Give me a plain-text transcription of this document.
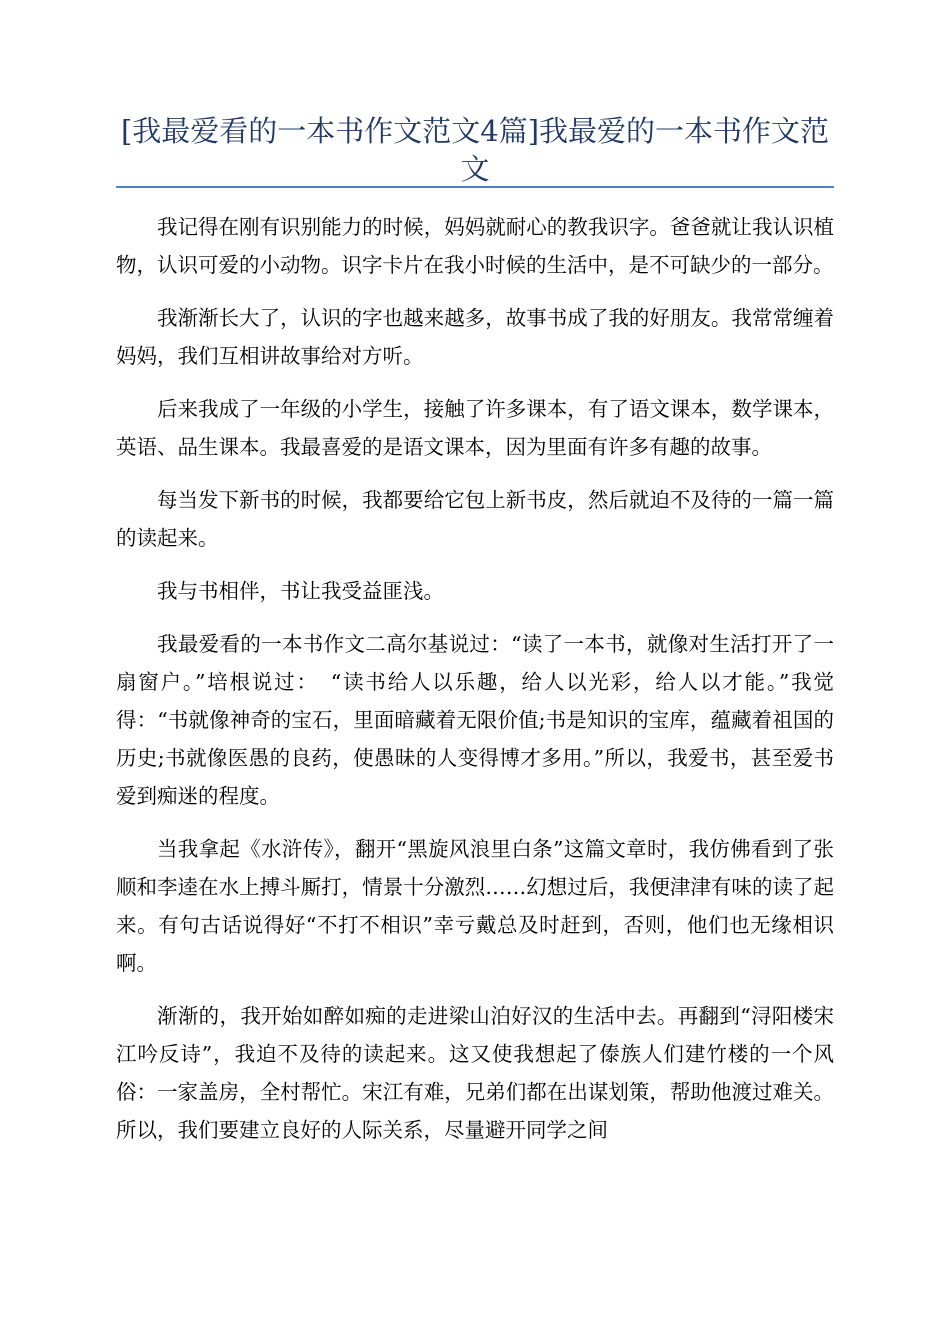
[我最爱看的一本书作文范文4篇]我最爱的一本书作文范文

我记得在刚有识别能力的时候，妈妈就耐心的教我识字。爸爸就让我认识植物，认识可爱的小动物。识字卡片在我小时候的生活中，是不可缺少的一部分。

我渐渐长大了，认识的字也越来越多，故事书成了我的好朋友。我常常缠着妈妈，我们互相讲故事给对方听。

后来我成了一年级的小学生，接触了许多课本，有了语文课本，数学课本，英语、品生课本。我最喜爱的是语文课本，因为里面有许多有趣的故事。

每当发下新书的时候，我都要给它包上新书皮，然后就迫不及待的一篇一篇的读起来。

我与书相伴，书让我受益匪浅。

我最爱看的一本书作文二高尔基说过：“读了一本书，就像对生活打开了一扇窗户。”培根说过：　“读书给人以乐趣，给人以光彩，给人以才能。”我觉得：“书就像神奇的宝石，里面暗藏着无限价值;书是知识的宝库，蕴藏着祖国的历史;书就像医愚的良药，使愚昧的人变得博才多用。”所以，我爱书，甚至爱书爱到痴迷的程度。

当我拿起《水浒传》，翻开“黑旋风浪里白条”这篇文章时，我仿佛看到了张顺和李逵在水上搏斗厮打，情景十分激烈……幻想过后，我便津津有味的读了起来。有句古话说得好“不打不相识”幸亏戴总及时赶到，否则，他们也无缘相识啊。

渐渐的，我开始如醉如痴的走进梁山泊好汉的生活中去。再翻到“浔阳楼宋江吟反诗”，我迫不及待的读起来。这又使我想起了傣族人们建竹楼的一个风俗：一家盖房，全村帮忙。宋江有难，兄弟们都在出谋划策，帮助他渡过难关。所以，我们要建立良好的人际关系，尽量避开同学之间
